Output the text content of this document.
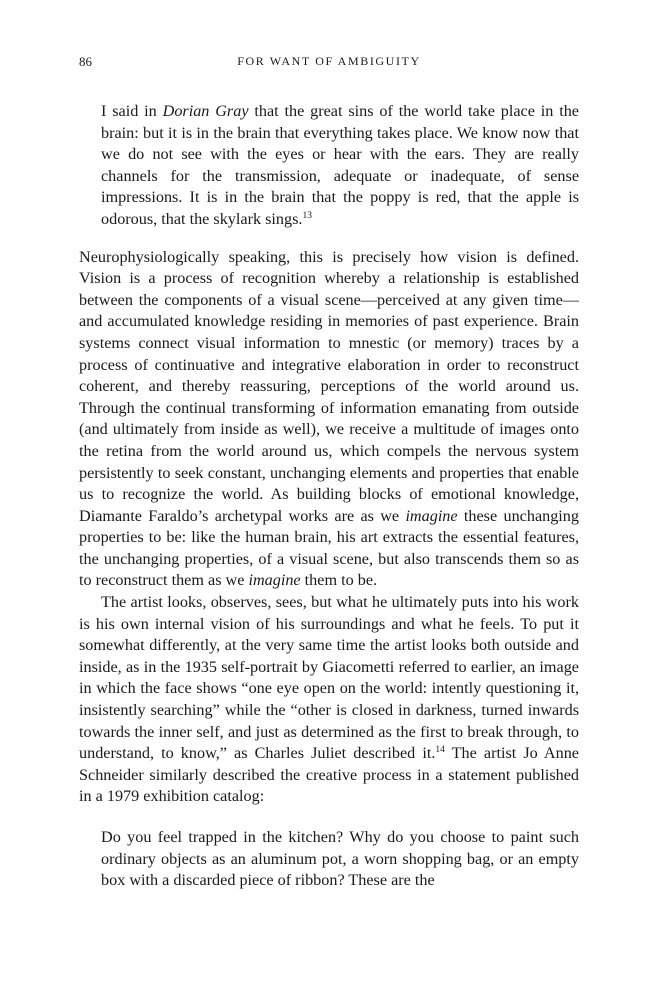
86	FOR WANT OF AMBIGUITY

I said in Dorian Gray that the great sins of the world take place in the brain: but it is in the brain that everything takes place. We know now that we do not see with the eyes or hear with the ears. They are really channels for the transmission, adequate or inadequate, of sense impressions. It is in the brain that the poppy is red, that the apple is odorous, that the skylark sings.$^{13}$

Neurophysiologically speaking, this is precisely how vision is defined. Vision is a process of recognition whereby a relationship is established between the components of a visual scene—perceived at any given time—and accumulated knowledge residing in memories of past experience. Brain systems connect visual information to mnestic (or memory) traces by a process of continuative and integrative elaboration in order to reconstruct coherent, and thereby reassuring, perceptions of the world around us. Through the continual transforming of information emanating from outside (and ultimately from inside as well), we receive a multitude of images onto the retina from the world around us, which compels the nervous system persistently to seek constant, unchanging elements and properties that enable us to recognize the world. As building blocks of emotional knowledge, Diamante Faraldo’s archetypal works are as we imagine these unchanging properties to be: like the human brain, his art extracts the essential features, the unchanging properties, of a visual scene, but also transcends them so as to reconstruct them as we imagine them to be.

The artist looks, observes, sees, but what he ultimately puts into his work is his own internal vision of his surroundings and what he feels. To put it somewhat differently, at the very same time the artist looks both outside and inside, as in the 1935 self-portrait by Giacometti referred to earlier, an image in which the face shows “one eye open on the world: intently questioning it, insistently searching” while the “other is closed in darkness, turned inwards towards the inner self, and just as determined as the first to break through, to understand, to know,” as Charles Juliet described it.$^{14}$ The artist Jo Anne Schneider similarly described the creative process in a statement published in a 1979 exhibition catalog:

Do you feel trapped in the kitchen? Why do you choose to paint such ordinary objects as an aluminum pot, a worn shopping bag, or an empty box with a discarded piece of ribbon? These are the
